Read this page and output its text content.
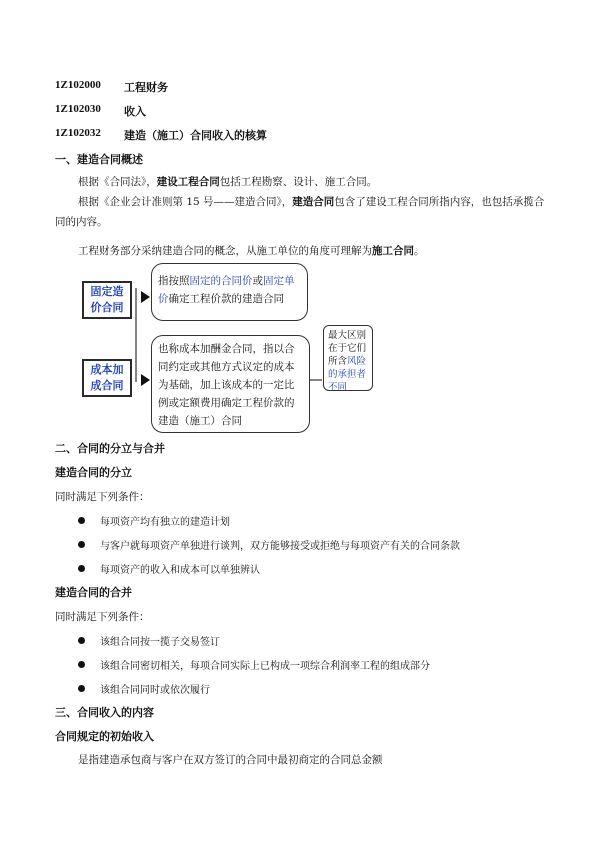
1Z102000 工程财务
1Z102030 收入
1Z102032 建造（施工）合同收入的核算
一、建造合同概述
根据《合同法》，建设工程合同包括工程勘察、设计、施工合同。
根据《企业会计准则第 15 号——建造合同》，建造合同包含了建设工程合同所指内容，也包括承揽合同的内容。
工程财务部分采纳建造合同的概念，从施工单位的角度可理解为施工合同。
固定造
价合同
指按照固定的合同价或固定单
价确定工程价款的建造合同
成本加
成合同
也称成本加酬金合同，指以合
同约定或其他方式议定的成本
为基础，加上该成本的一定比
例或定额费用确定工程价款的
建造（施工）合同
最大区别
在于它们
所含风险
的承担者
不同
二、合同的分立与合并
建造合同的分立
同时满足下列条件：
每项资产均有独立的建造计划
与客户就每项资产单独进行谈判，双方能够接受或拒绝与每项资产有关的合同条款
每项资产的收入和成本可以单独辨认
建造合同的合并
同时满足下列条件：
该组合同按一揽子交易签订
该组合同密切相关，每项合同实际上已构成一项综合利润率工程的组成部分
该组合同同时或依次履行
三、合同收入的内容
合同规定的初始收入
是指建造承包商与客户在双方签订的合同中最初商定的合同总金额
